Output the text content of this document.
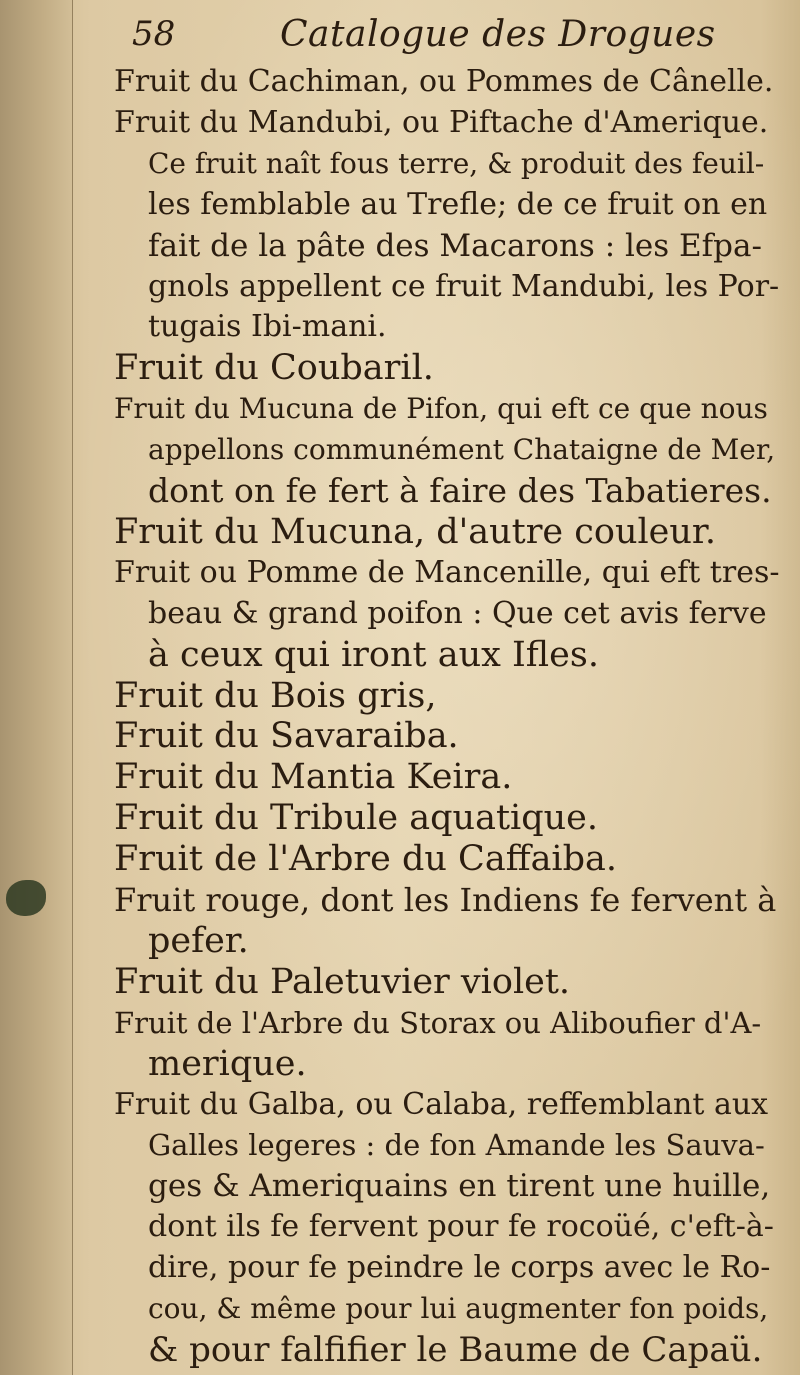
58	Catalogue des Drogues
Fruit du Cachiman, ou Pommes de Cânelle.
Fruit du Mandubi, ou Piftache d'Amerique.
Ce fruit naît fous terre, & produit des feuil-
les femblable au Trefle; de ce fruit on en
fait de la pâte des Macarons : les Efpa-
gnols appellent ce fruit Mandubi, les Por-
tugais Ibi-mani.
Fruit du Coubaril.
Fruit du Mucuna de Pifon, qui eft ce que nous
appellons communément Chataigne de Mer,
dont on fe fert à faire des Tabatieres.
Fruit du Mucuna, d'autre couleur.
Fruit ou Pomme de Mancenille, qui eft tres-
beau & grand poifon : Que cet avis ferve
à ceux qui iront aux Ifles.
Fruit du Bois gris,
Fruit du Savaraiba.
Fruit du Mantia Keira.
Fruit du Tribule aquatique.
Fruit de l'Arbre du Caffaiba.
Fruit rouge, dont les Indiens fe fervent à
pefer.
Fruit du Paletuvier violet.
Fruit de l'Arbre du Storax ou Aliboufier d'A-
merique.
Fruit du Galba, ou Calaba, reffemblant aux
Galles legeres : de fon Amande les Sauva-
ges & Ameriquains en tirent une huille,
dont ils fe fervent pour fe rocoüé, c'eft-à-
dire, pour fe peindre le corps avec le Ro-
cou, & même pour lui augmenter fon poids,
& pour falfifier le Baume de Capaü.
